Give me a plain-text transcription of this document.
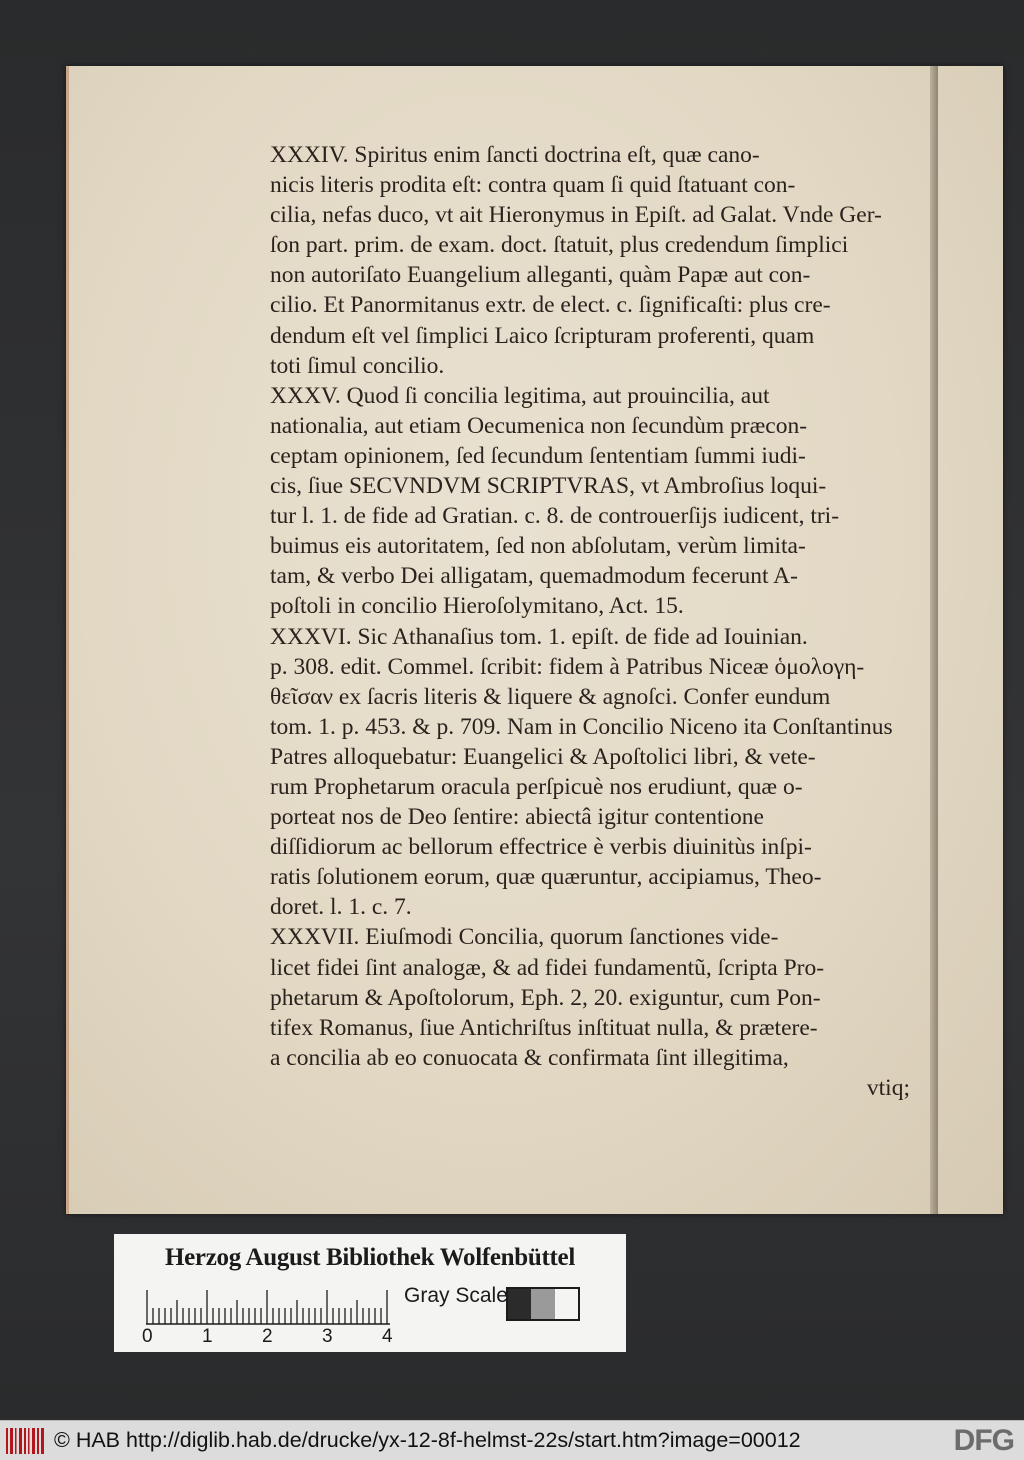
XXXIV. Spiritus enim ſancti doctrina eſt, quæ cano-
nicis literis prodita eſt: contra quam ſi quid ſtatuant con-
cilia, nefas duco, vt ait Hieronymus in Epiſt. ad Galat. Vnde Ger-
ſon part. prim. de exam. doct. ſtatuit, plus credendum ſimplici
non autoriſato Euangelium alleganti, quàm Papæ aut con-
cilio. Et Panormitanus extr. de elect. c. ſignificaſti: plus cre-
dendum eſt vel ſimplici Laico ſcripturam proferenti, quam
toti ſimul concilio.
XXXV. Quod ſi concilia legitima, aut prouincilia, aut
nationalia, aut etiam Oecumenica non ſecundùm præcon-
ceptam opinionem, ſed ſecundum ſententiam ſummi iudi-
cis, ſiue SECVNDVM SCRIPTVRAS, vt Ambroſius loqui-
tur l. 1. de fide ad Gratian. c. 8. de controuerſijs iudicent, tri-
buimus eis autoritatem, ſed non abſolutam, verùm limita-
tam, & verbo Dei alligatam, quemadmodum fecerunt A-
poſtoli in concilio Hieroſolymitano, Act. 15.
XXXVI. Sic Athanaſius tom. 1. epiſt. de fide ad Iouinian.
p. 308. edit. Commel. ſcribit: fidem à Patribus Niceæ ὁμολογη-
θεῖσαν ex ſacris literis & liquere & agnoſci. Confer eundum
tom. 1. p. 453. & p. 709. Nam in Concilio Niceno ita Conſtantinus
Patres alloquebatur: Euangelici & Apoſtolici libri, & vete-
rum Prophetarum oracula perſpicuè nos erudiunt, quæ o-
porteat nos de Deo ſentire: abiectâ igitur contentione
diſſidiorum ac bellorum effectrice è verbis diuinitùs inſpi-
ratis ſolutionem eorum, quæ quæruntur, accipiamus, Theo-
doret. l. 1. c. 7.
XXXVII. Eiuſmodi Concilia, quorum ſanctiones vide-
licet fidei ſint analogæ, & ad fidei fundamentũ, ſcripta Pro-
phetarum & Apoſtolorum, Eph. 2, 20. exiguntur, cum Pon-
tifex Romanus, ſiue Antichriſtus inſtituat nulla, & prætere-
a concilia ab eo conuocata & confirmata ſint illegitima,
vtiq;
Herzog August Bibliothek Wolfenbüttel
0	1	2	3	4
Gray Scale
© HAB http://diglib.hab.de/drucke/yx-12-8f-helmst-22s/start.htm?image=00012	DFG
